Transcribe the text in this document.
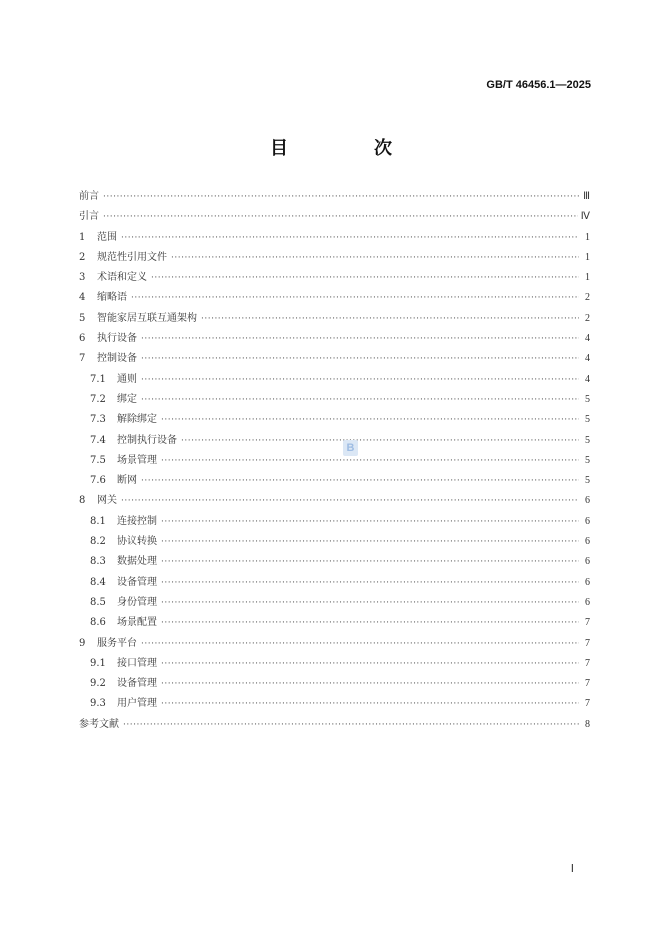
GB/T 46456.1—2025
目　次
前言 ·····	Ⅲ
引言 ·····	Ⅳ
1	范围 ·····	1
2	规范性引用文件 ·····	1
3	术语和定义 ·····	1
4	缩略语 ·····	2
5	智能家居互联互通架构 ·····	2
6	执行设备 ·····	4
7	控制设备 ·····	4
7.1	通则 ·····	4
7.2	绑定 ·····	5
7.3	解除绑定 ·····	5
7.4	控制执行设备 ·····	5
7.5	场景管理 ·····	5
7.6	断网 ·····	5
8	网关 ·····	6
8.1	连接控制 ·····	6
8.2	协议转换 ·····	6
8.3	数据处理 ·····	6
8.4	设备管理 ·····	6
8.5	身份管理 ·····	6
8.6	场景配置 ·····	7
9	服务平台 ·····	7
9.1	接口管理 ·····	7
9.2	设备管理 ·····	7
9.3	用户管理 ·····	7
参考文献 ·····	8
B
Ⅰ
